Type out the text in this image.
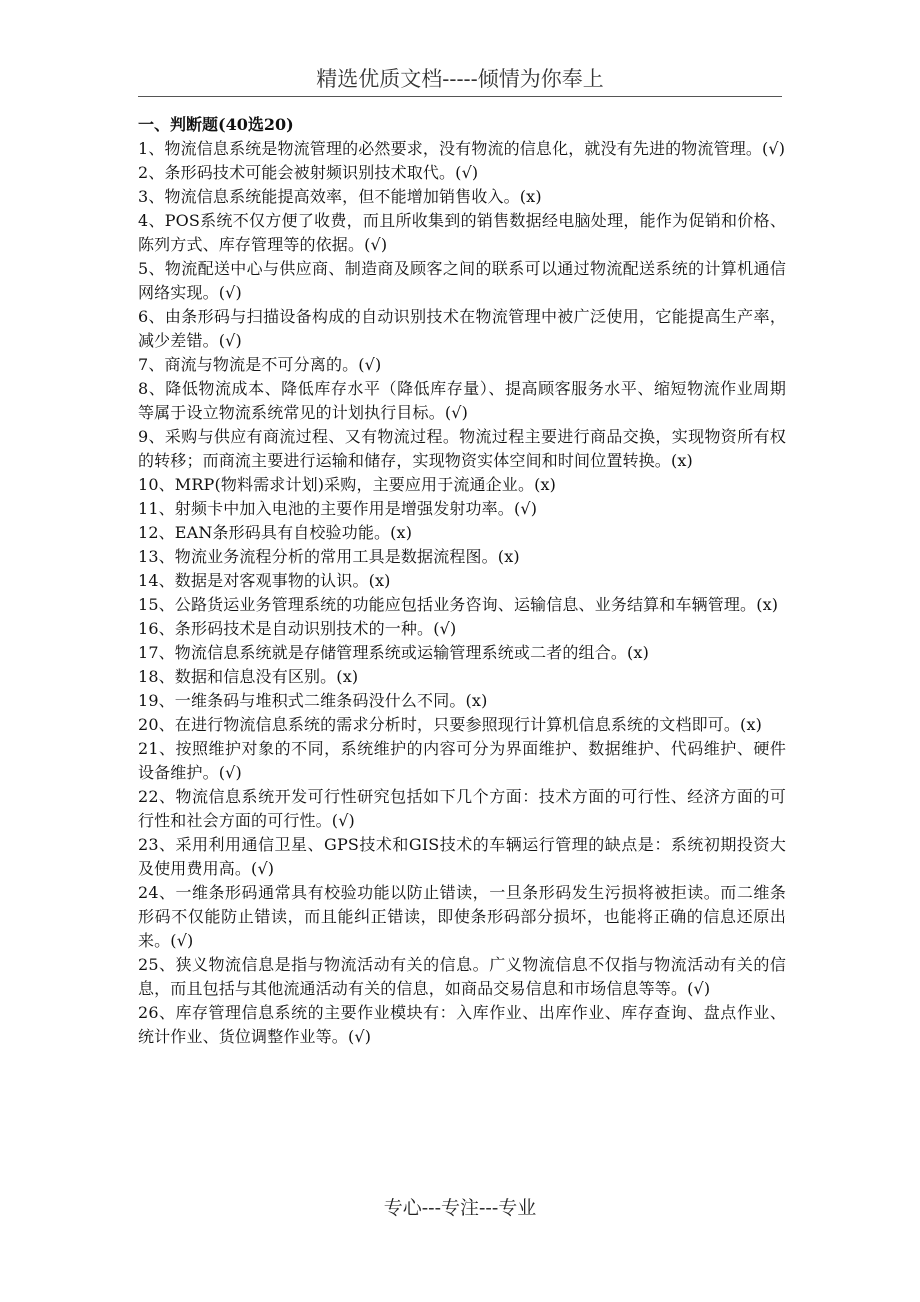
精选优质文档-----倾情为你奉上
一、判断题(40选20)
1、物流信息系统是物流管理的必然要求，没有物流的信息化，就没有先进的物流管理。(√)
2、条形码技术可能会被射频识别技术取代。(√)
3、物流信息系统能提高效率，但不能增加销售收入。(x)
4、POS系统不仅方便了收费，而且所收集到的销售数据经电脑处理，能作为促销和价格、陈列方式、库存管理等的依据。(√)
5、物流配送中心与供应商、制造商及顾客之间的联系可以通过物流配送系统的计算机通信网络实现。(√)
6、由条形码与扫描设备构成的自动识别技术在物流管理中被广泛使用，它能提高生产率，减少差错。(√)
7、商流与物流是不可分离的。(√)
8、降低物流成本、降低库存水平（降低库存量）、提高顾客服务水平、缩短物流作业周期等属于设立物流系统常见的计划执行目标。(√)
9、采购与供应有商流过程、又有物流过程。物流过程主要进行商品交换，实现物资所有权的转移；而商流主要进行运输和储存，实现物资实体空间和时间位置转换。(x)
10、MRP(物料需求计划)采购，主要应用于流通企业。(x)
11、射频卡中加入电池的主要作用是增强发射功率。(√)
12、EAN条形码具有自校验功能。(x)
13、物流业务流程分析的常用工具是数据流程图。(x)
14、数据是对客观事物的认识。(x)
15、公路货运业务管理系统的功能应包括业务咨询、运输信息、业务结算和车辆管理。(x)
16、条形码技术是自动识别技术的一种。(√)
17、物流信息系统就是存储管理系统或运输管理系统或二者的组合。(x)
18、数据和信息没有区别。(x)
19、一维条码与堆积式二维条码没什么不同。(x)
20、在进行物流信息系统的需求分析时，只要参照现行计算机信息系统的文档即可。(x)
21、按照维护对象的不同，系统维护的内容可分为界面维护、数据维护、代码维护、硬件设备维护。(√)
22、物流信息系统开发可行性研究包括如下几个方面：技术方面的可行性、经济方面的可行性和社会方面的可行性。(√)
23、采用利用通信卫星、GPS技术和GIS技术的车辆运行管理的缺点是：系统初期投资大及使用费用高。(√)
24、一维条形码通常具有校验功能以防止错读，一旦条形码发生污损将被拒读。而二维条形码不仅能防止错读，而且能纠正错读，即使条形码部分损坏，也能将正确的信息还原出来。(√)
25、狭义物流信息是指与物流活动有关的信息。广义物流信息不仅指与物流活动有关的信息，而且包括与其他流通活动有关的信息，如商品交易信息和市场信息等等。(√)
26、库存管理信息系统的主要作业模块有：入库作业、出库作业、库存查询、盘点作业、统计作业、货位调整作业等。(√)
专心---专注---专业
